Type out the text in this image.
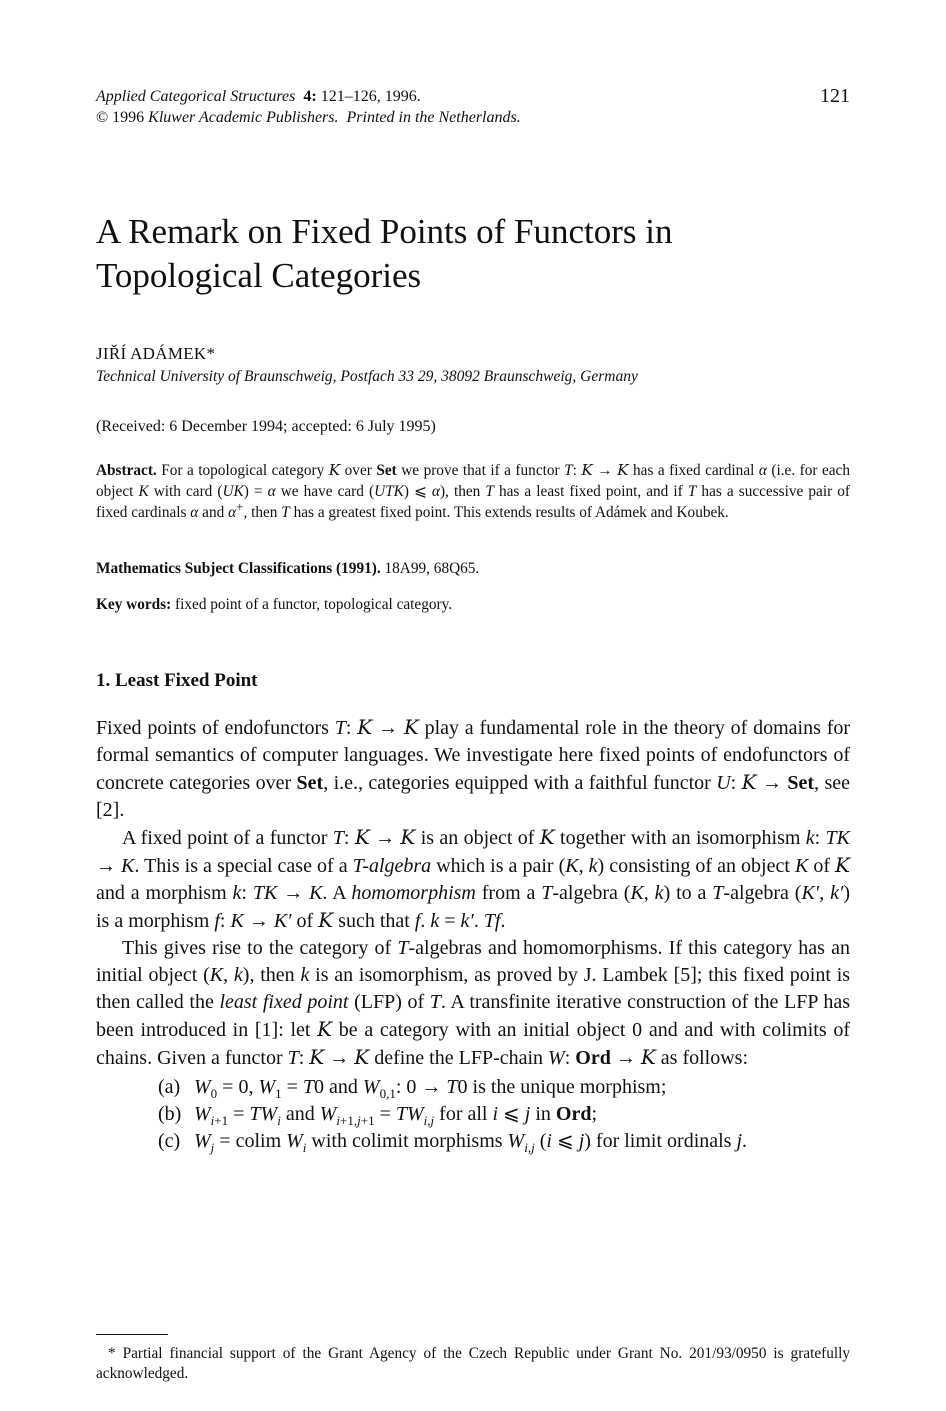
Applied Categorical Structures 4: 121–126, 1996.
© 1996 Kluwer Academic Publishers. Printed in the Netherlands.
121
A Remark on Fixed Points of Functors in Topological Categories
JIŘÍ ADÁMEK*
Technical University of Braunschweig, Postfach 33 29, 38092 Braunschweig, Germany
(Received: 6 December 1994; accepted: 6 July 1995)
Abstract. For a topological category K over Set we prove that if a functor T: K → K has a fixed cardinal α (i.e. for each object K with card (UK) = α we have card (UTK) ⩽ α), then T has a least fixed point, and if T has a successive pair of fixed cardinals α and α+, then T has a greatest fixed point. This extends results of Adámek and Koubek.
Mathematics Subject Classifications (1991). 18A99, 68Q65.
Key words: fixed point of a functor, topological category.
1. Least Fixed Point

Fixed points of endofunctors T: K → K play a fundamental role in the theory of domains for formal semantics of computer languages. We investigate here fixed points of endofunctors of concrete categories over Set, i.e., categories equipped with a faithful functor U: K → Set, see [2].

A fixed point of a functor T: K → K is an object of K together with an isomorphism k: TK → K. This is a special case of a T-algebra which is a pair (K, k) consisting of an object K of K and a morphism k: TK → K. A homomorphism from a T-algebra (K, k) to a T-algebra (K′, k′) is a morphism f: K → K′ of K such that f. k = k′. Tf.

This gives rise to the category of T-algebras and homomorphisms. If this category has an initial object (K, k), then k is an isomorphism, as proved by J. Lambek [5]; this fixed point is then called the least fixed point (LFP) of T. A transfinite iterative construction of the LFP has been introduced in [1]: let K be a category with an initial object 0 and and with colimits of chains. Given a functor T: K → K define the LFP-chain W: Ord → K as follows:

(a) $W_0 = 0$, $W_1 = T0$ and $W_{0,1}$: 0 → T0 is the unique morphism;
(b) $W_{i+1} = TW_i$ and $W_{i+1,j+1} = TW_{i,j}$ for all i ⩽ j in Ord;
(c) $W_j = colim$ $W_i$ with colimit morphisms $W_{i,j}$ (i ⩽ j) for limit ordinals j.
* Partial financial support of the Grant Agency of the Czech Republic under Grant No. 201/93/0950 is gratefully acknowledged.
